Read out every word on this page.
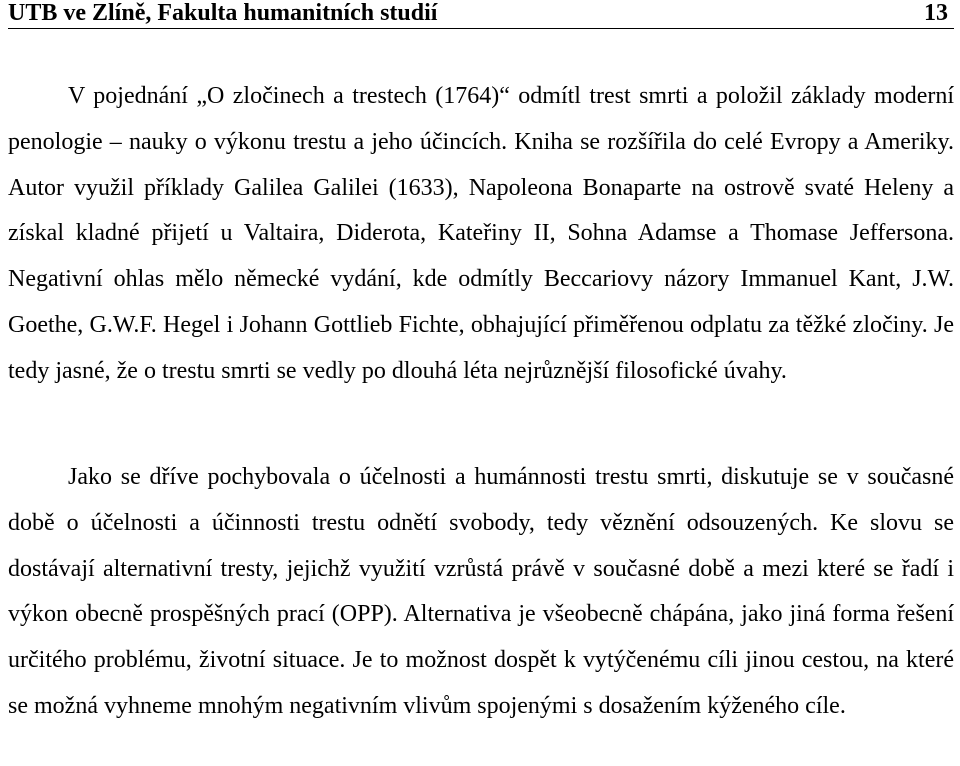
UTB ve Zlíně, Fakulta humanitních studií	13

V pojednání „O zločinech a trestech (1764)“ odmítl trest smrti a položil základy moderní penologie – nauky o výkonu trestu a jeho účincích. Kniha se rozšířila do celé Evropy a Ameriky. Autor využil příklady Galilea Galilei (1633), Napoleona Bonaparte na ostrově svaté Heleny a získal kladné přijetí u Valtaira, Diderota, Kateřiny II, Sohna Adamse a Thomase Jeffersona. Negativní ohlas mělo německé vydání, kde odmítly Beccariovy názory Immanuel Kant, J.W. Goethe, G.W.F. Hegel i Johann Gottlieb Fichte, obhajující přiměřenou odplatu za těžké zločiny. Je tedy jasné, že o trestu smrti se vedly po dlouhá léta nejrůznější filosofické úvahy.

Jako se dříve pochybovala o účelnosti a humánnosti trestu smrti, diskutuje se v současné době o účelnosti a účinnosti trestu odnětí svobody, tedy věznění odsouzených. Ke slovu se dostávají alternativní tresty, jejichž využití vzrůstá právě v současné době a mezi které se řadí i výkon obecně prospěšných prací (OPP). Alternativa je všeobecně chápána, jako jiná forma řešení určitého problému, životní situace. Je to možnost dospět k vytýčenému cíli jinou cestou, na které se možná vyhneme mnohým negativním vlivům spojenými s dosažením kýženého cíle.
